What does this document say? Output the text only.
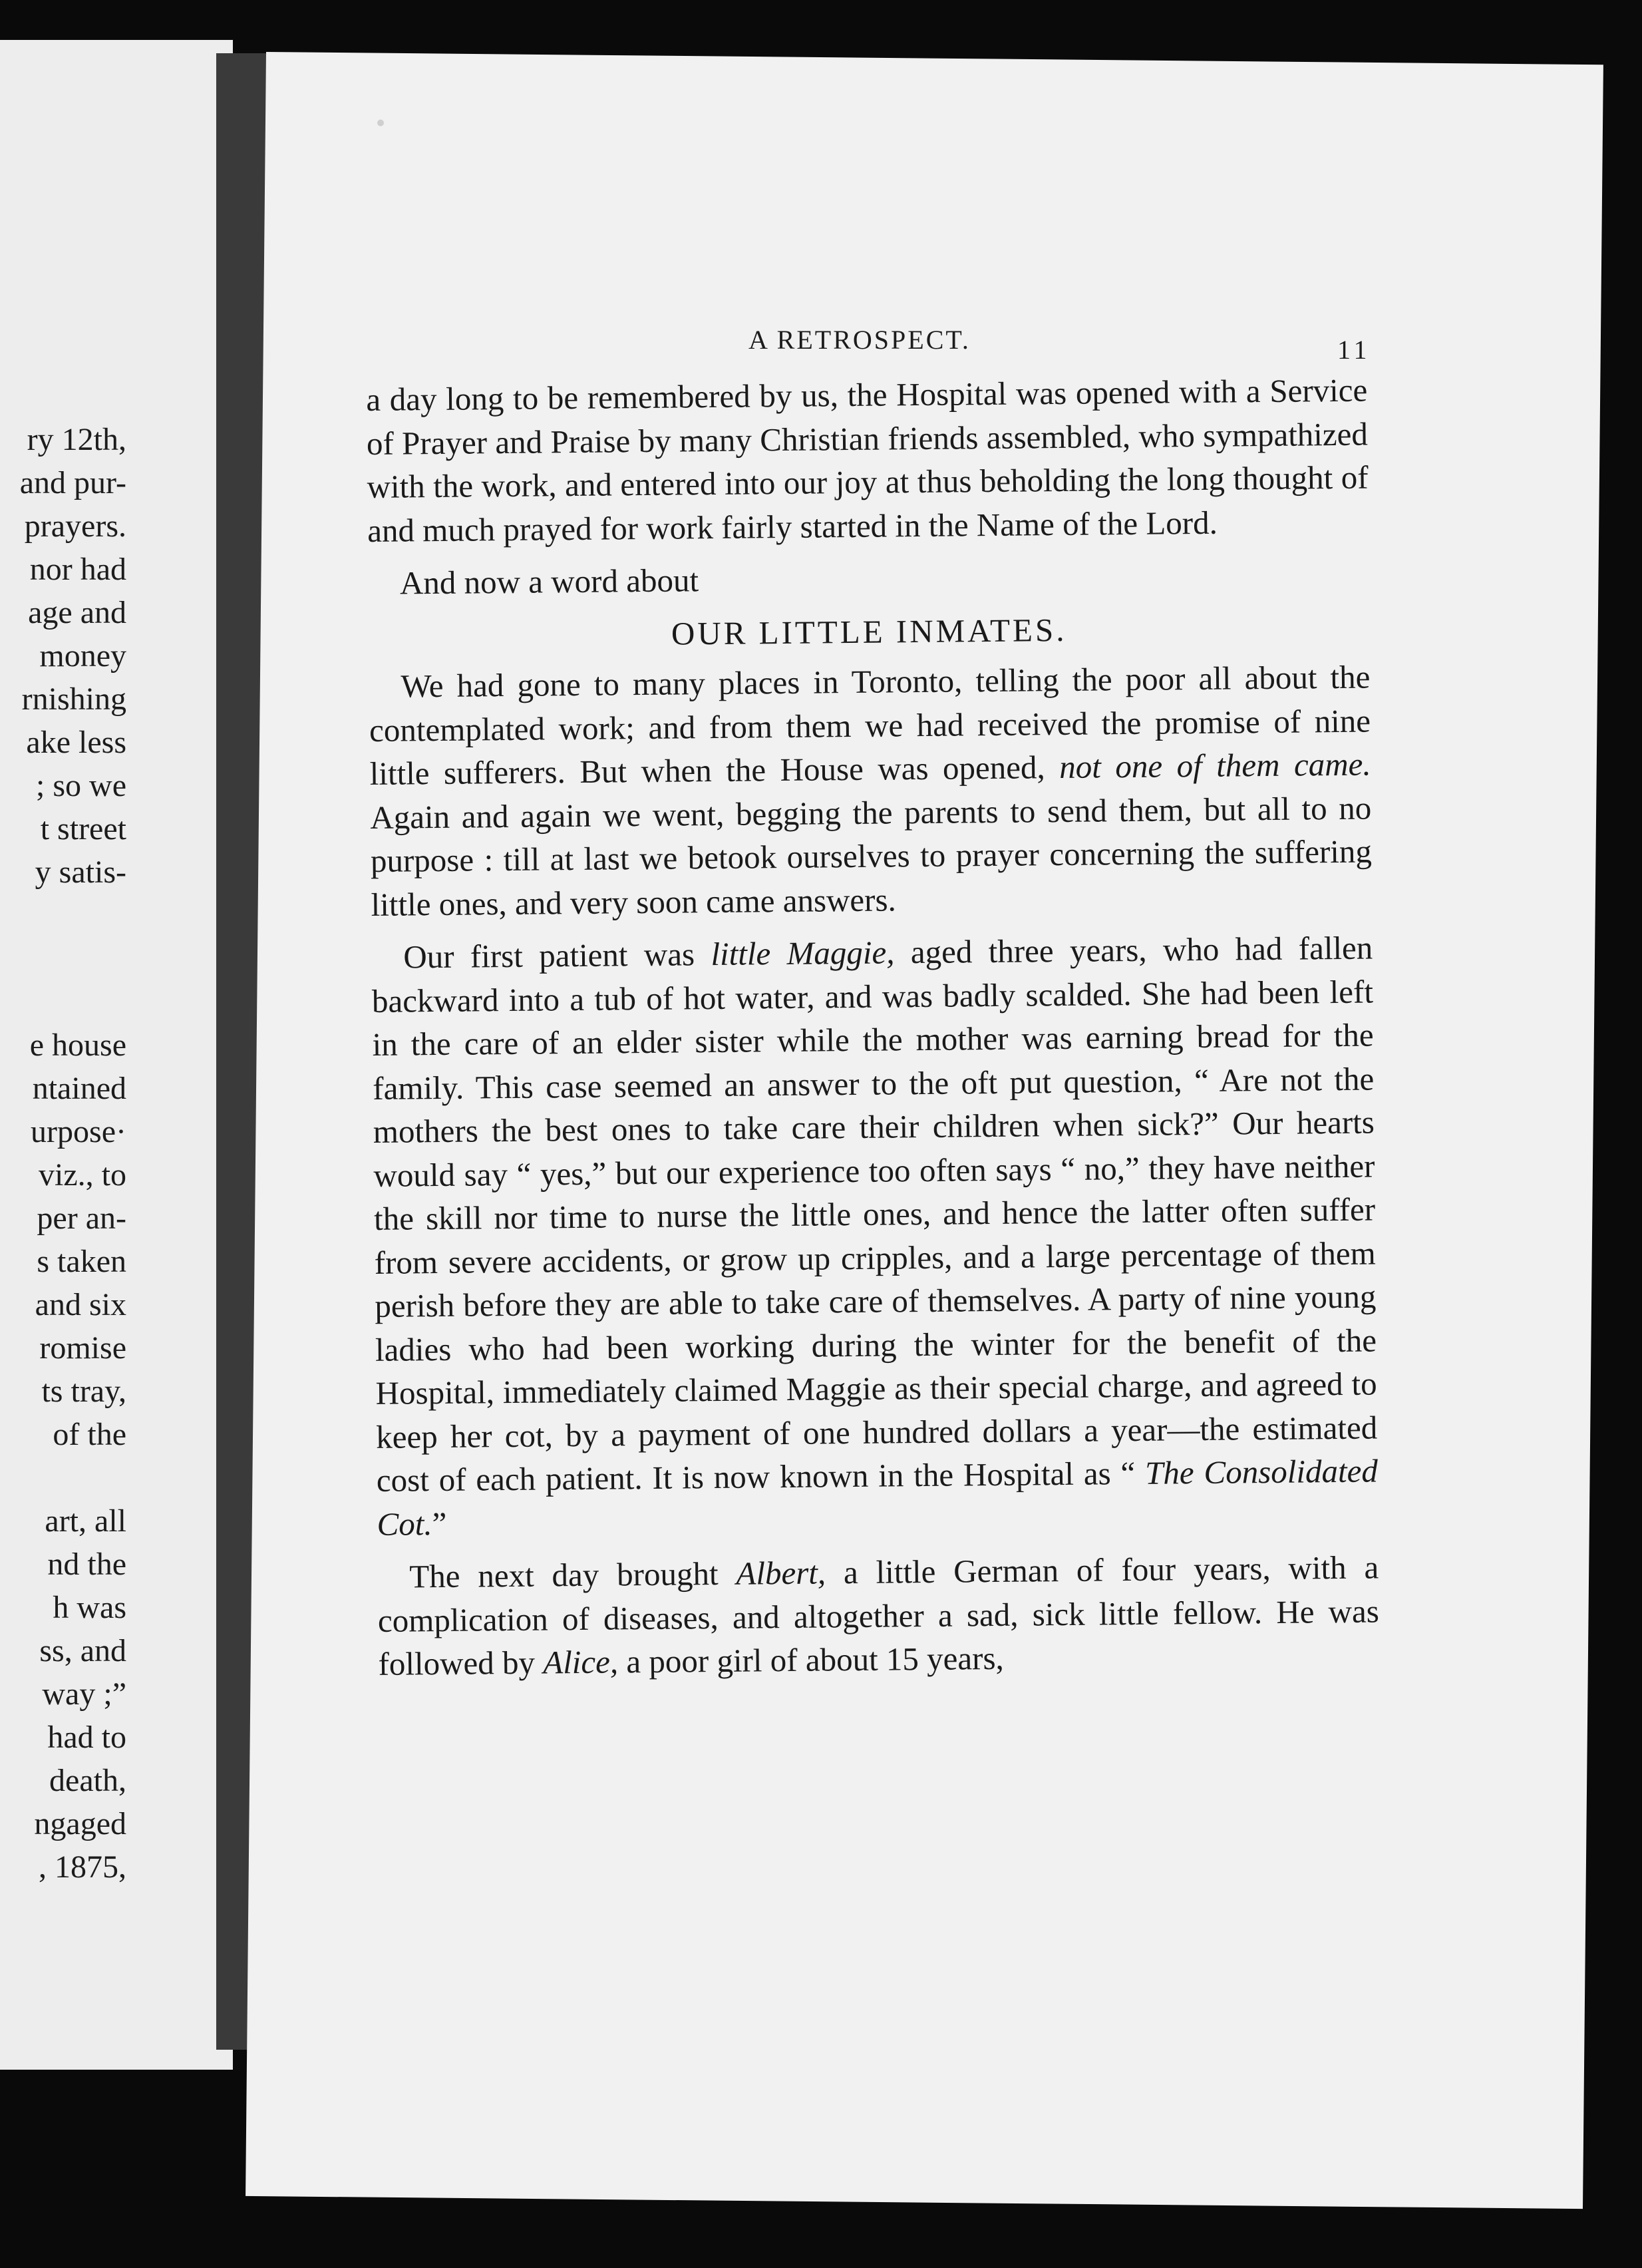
ry 12th,
and pur-
prayers.
nor had
age and
money
rnishing
ake less
; so we
t street
y satis-
e house
ntained
urpose·
viz., to
per an-
s taken
and six
romise
ts tray,
of the
art, all
nd the
h was
ss, and
way ;”
had to
death,
ngaged
, 1875,
A RETROSPECT.	11

a day long to be remembered by us, the Hospital was opened with a Service of Prayer and Praise by many Christian friends assembled, who sympathized with the work, and entered into our joy at thus beholding the long thought of and much prayed for work fairly started in the Name of the Lord.

And now a word about

OUR LITTLE INMATES.

We had gone to many places in Toronto, telling the poor all about the contemplated work; and from them we had received the promise of nine little sufferers. But when the House was opened, not one of them came. Again and again we went, begging the parents to send them, but all to no purpose : till at last we betook ourselves to prayer concerning the suffering little ones, and very soon came answers.

Our first patient was little Maggie, aged three years, who had fallen backward into a tub of hot water, and was badly scalded. She had been left in the care of an elder sister while the mother was earning bread for the family. This case seemed an answer to the oft put question, “ Are not the mothers the best ones to take care their children when sick?” Our hearts would say “ yes,” but our experience too often says “ no,” they have neither the skill nor time to nurse the little ones, and hence the latter often suffer from severe accidents, or grow up cripples, and a large percentage of them perish before they are able to take care of themselves. A party of nine young ladies who had been working during the winter for the benefit of the Hospital, immediately claimed Maggie as their special charge, and agreed to keep her cot, by a payment of one hundred dollars a year—the estimated cost of each patient. It is now known in the Hospital as “ The Consolidated Cot.”

The next day brought Albert, a little German of four years, with a complication of diseases, and altogether a sad, sick little fellow. He was followed by Alice, a poor girl of about 15 years,
